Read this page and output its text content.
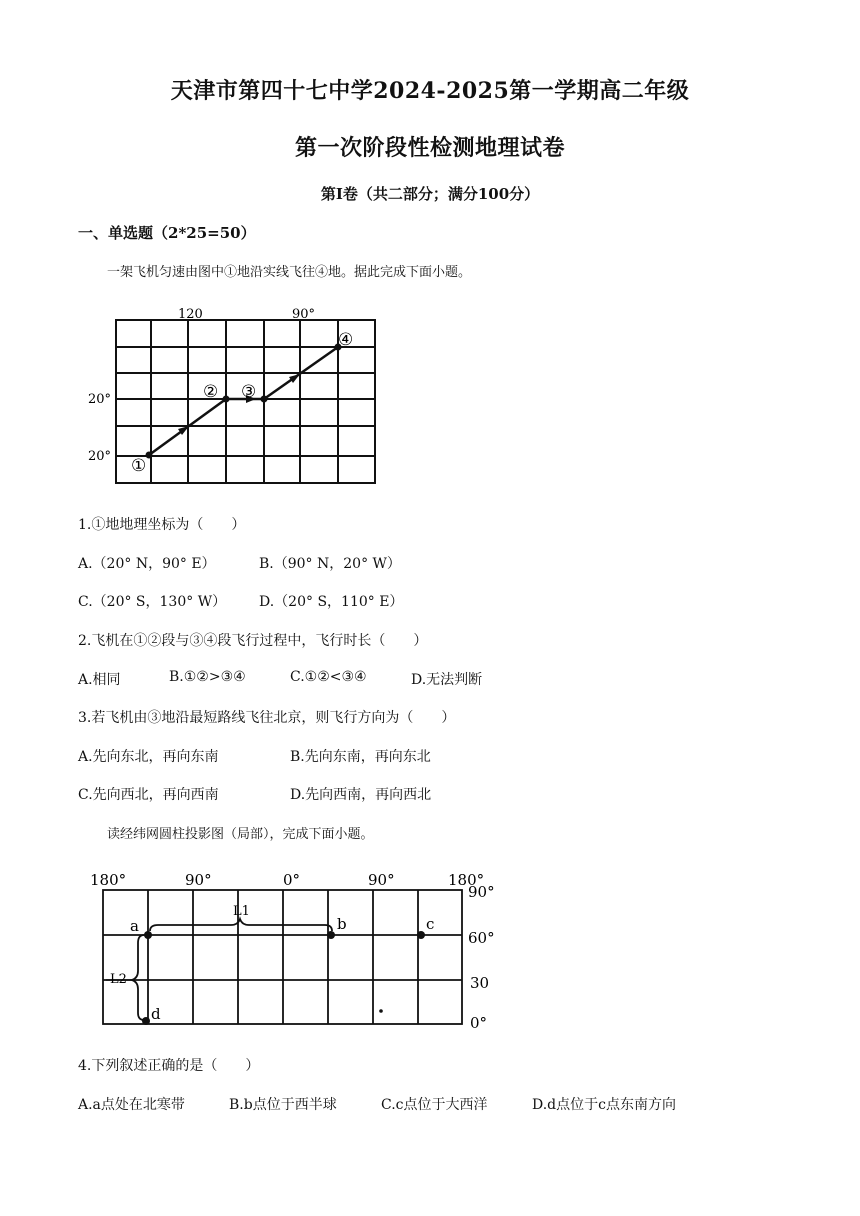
天津市第四十七中学2024-2025第一学期高二年级
第一次阶段性检测地理试卷
第Ⅰ卷（共二部分；满分100分）
一、单选题（2*25=50）
一架飞机匀速由图中①地沿实线飞往④地。据此完成下面小题。
120	90°
20°
20° ①
② ③
④
1.①地地理坐标为（　　）
A.（20° N，90° E）	B.（90° N，20° W）
C.（20° S，130° W） D.（20° S，110° E）
2.飞机在①②段与③④段飞行过程中，飞行时长（　　）
A.相同	B.①②>③④	C.①②<③④	D.无法判断
3.若飞机由③地沿最短路线飞往北京，则飞行方向为（　　）
A.先向东北，再向东南	B.先向东南，再向东北
C.先向西北，再向西南	D.先向西南，再向西北
读经纬网圆柱投影图（局部），完成下面小题。
180°	90°	0°	90°	180°
90°
60°
30
0°
a	b	c
d
L1
L2
4.下列叙述正确的是（　　）
A.a点处在北寒带	B.b点位于西半球	C.c点位于大西洋	D.d点位于c点东南方向
